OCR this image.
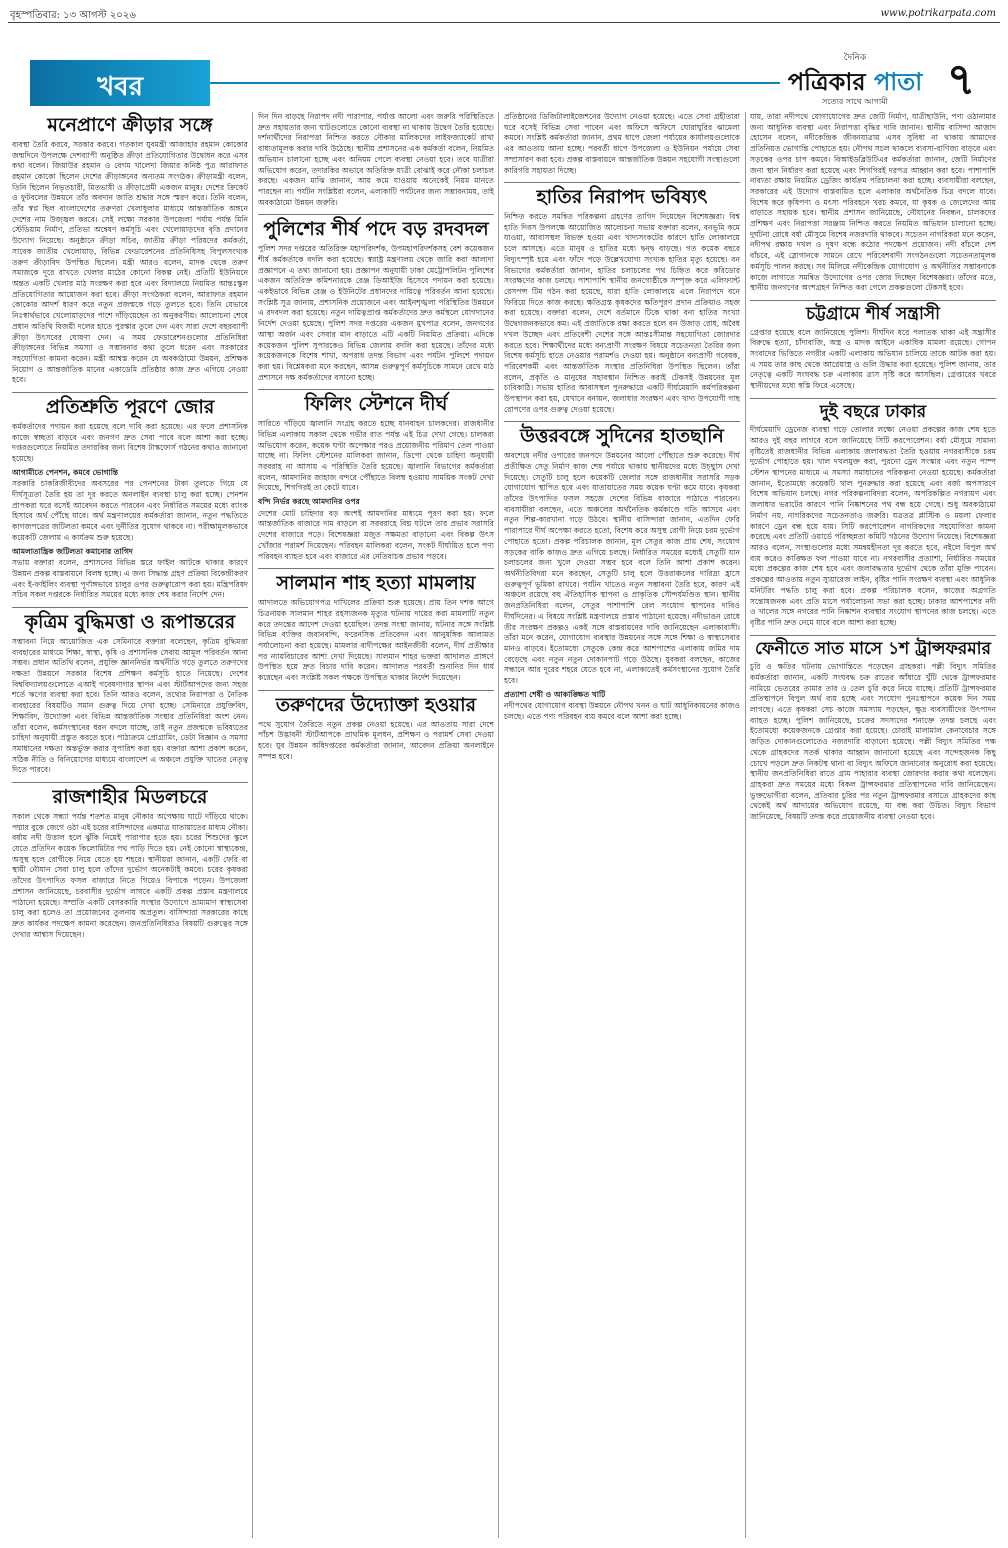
বৃহস্পতিবার: ১৩ আগস্ট ২০২৬	www.potrikarpata.com
খবর
দৈনিক
পত্রিকার পাতা
সত্যের সাথে আগামী	৭
মনেপ্রাণে ক্রীড়ার সঙ্গে

ব্যবস্থা তৈরি করবে, সরকার করবে। গতকাল যুবমন্ত্রী আজাহার রহমান কোকোর জন্মদিনে উপলক্ষে দেশব্যাপী অনুষ্ঠিত ক্রীড়া প্রতিযোগিতার উদ্বোধন করে এসব কথা বলেন। জিয়াউর রহমান ও বেগম খালেদা জিয়ার কনিষ্ঠ পুত্র আরাফাত রহমান কোকো ছিলেন দেশের ক্রীড়াঙ্গনের অন্যতম সংগঠক। ক্রীড়ামন্ত্রী বলেন, তিনি ছিলেন নিভৃতচারী, মিতভাষী ও ক্রীড়াপ্রেমী একজন মানুষ। দেশের ক্রিকেট ও ফুটবলের উন্নয়নে তাঁর অবদান জাতি শ্রদ্ধার সঙ্গে স্মরণ করে। তিনি বলেন, তাঁর স্বপ্ন ছিল বাংলাদেশের তরুণরা খেলাধুলার মাধ্যমে আন্তর্জাতিক অঙ্গনে দেশের নাম উজ্জ্বল করবে। সেই লক্ষ্যে সরকার উপজেলা পর্যায় পর্যন্ত মিনি স্টেডিয়াম নির্মাণ, প্রতিভা অন্বেষণ কর্মসূচি এবং খেলোয়াড়দের বৃত্তি প্রদানের উদ্যোগ নিয়েছে। অনুষ্ঠানে ক্রীড়া সচিব, জাতীয় ক্রীড়া পরিষদের কর্মকর্তা, সাবেক জাতীয় খেলোয়াড়, বিভিন্ন ফেডারেশনের প্রতিনিধিসহ বিপুলসংখ্যক তরুণ ক্রীড়াবিদ উপস্থিত ছিলেন। মন্ত্রী আরও বলেন, মাদক থেকে তরুণ সমাজকে দূরে রাখতে খেলার মাঠের কোনো বিকল্প নেই। প্রতিটি ইউনিয়নে অন্তত একটি খেলার মাঠ সংরক্ষণ করা হবে এবং বিদ্যালয়ে নিয়মিত আন্তঃস্কুল প্রতিযোগিতার আয়োজন করা হবে। ক্রীড়া সংগঠকরা বলেন, আরাফাত রহমান কোকোর আদর্শ ধারণ করে নতুন প্রজন্মকে গড়ে তুলতে হবে। তিনি যেভাবে নিঃস্বার্থভাবে খেলোয়াড়দের পাশে দাঁড়িয়েছেন তা অনুকরণীয়। আলোচনা শেষে প্রধান অতিথি বিজয়ী দলের হাতে পুরস্কার তুলে দেন এবং সারা দেশে বছরব্যাপী ক্রীড়া উৎসবের ঘোষণা দেন। এ সময় ফেডারেশনগুলোর প্রতিনিধিরা ক্রীড়াঙ্গনের বিভিন্ন সমস্যা ও সম্ভাবনার কথা তুলে ধরেন এবং সরকারের সহযোগিতা কামনা করেন। মন্ত্রী আশ্বস্ত করেন যে অবকাঠামো উন্নয়ন, প্রশিক্ষক নিয়োগ ও আন্তর্জাতিক মানের একাডেমি প্রতিষ্ঠার কাজ দ্রুত এগিয়ে নেওয়া হবে।

প্রতিশ্রুতি পূরণে জোর

কর্মকর্তাদের পদায়ন করা হয়েছে বলে দাবি করা হয়েছে। এর ফলে প্রশাসনিক কাজে স্বচ্ছতা বাড়বে এবং জনগণ দ্রুত সেবা পাবে বলে আশা করা হচ্ছে। দপ্তরগুলোতে নিয়মিত তদারকির জন্য বিশেষ টাস্কফোর্স গঠনের কথাও জানানো হয়েছে।

আগামীতে পেনশন, কমবে ভোগান্তি

সরকারি চাকরিজীবীদের অবসরের পর পেনশনের টাকা তুলতে গিয়ে যে দীর্ঘসূত্রতা তৈরি হয় তা দূর করতে অনলাইন ব্যবস্থা চালু করা হচ্ছে। পেনশন প্রাপকরা ঘরে বসেই আবেদন করতে পারবেন এবং নির্ধারিত সময়ের মধ্যে ব্যাংক হিসাবে অর্থ পৌঁছে যাবে। অর্থ মন্ত্রণালয়ের কর্মকর্তারা জানান, নতুন পদ্ধতিতে কাগজপত্রের জটিলতা কমবে এবং দুর্নীতির সুযোগ থাকবে না। পরীক্ষামূলকভাবে কয়েকটি জেলায় এ কার্যক্রম শুরু হয়েছে।

আমলাতান্ত্রিক জটিলতা কমানোর তাগিদ

সভায় বক্তারা বলেন, প্রশাসনের বিভিন্ন স্তরে ফাইল আটকে থাকার কারণে উন্নয়ন প্রকল্প বাস্তবায়নে বিলম্ব হচ্ছে। এ জন্য সিদ্ধান্ত গ্রহণ প্রক্রিয়া বিকেন্দ্রীকরণ এবং ই-ফাইলিং ব্যবস্থা পূর্ণাঙ্গভাবে চালুর ওপর গুরুত্বারোপ করা হয়। মন্ত্রিপরিষদ সচিব সকল দপ্তরকে নির্ধারিত সময়ের মধ্যে কাজ শেষ করার নির্দেশ দেন।

কৃত্রিম বুদ্ধিমত্তা ও রূপান্তরের

সম্ভাবনা নিয়ে আয়োজিত এক সেমিনারে বক্তারা বলেছেন, কৃত্রিম বুদ্ধিমত্তা ব্যবহারের মাধ্যমে শিক্ষা, স্বাস্থ্য, কৃষি ও প্রশাসনিক সেবায় আমূল পরিবর্তন আনা সম্ভব। প্রধান অতিথি বলেন, প্রযুক্তি জ্ঞাননির্ভর অর্থনীতি গড়ে তুলতে তরুণদের দক্ষতা উন্নয়নে সরকার বিশেষ প্রশিক্ষণ কর্মসূচি হাতে নিয়েছে। দেশের বিশ্ববিদ্যালয়গুলোতে এআই গবেষণাগার স্থাপন এবং স্টার্টআপদের জন্য সহজ শর্তে ঋণের ব্যবস্থা করা হবে। তিনি আরও বলেন, তথ্যের নিরাপত্তা ও নৈতিক ব্যবহারের বিষয়টিও সমান গুরুত্ব দিয়ে দেখা হচ্ছে। সেমিনারে প্রযুক্তিবিদ, শিক্ষাবিদ, উদ্যোক্তা এবং বিভিন্ন আন্তর্জাতিক সংস্থার প্রতিনিধিরা অংশ নেন। তাঁরা বলেন, কর্মসংস্থানের ধরন বদলে যাচ্ছে, তাই নতুন প্রজন্মকে ভবিষ্যতের চাহিদা অনুযায়ী প্রস্তুত করতে হবে। পাঠ্যক্রমে প্রোগ্রামিং, ডেটা বিজ্ঞান ও সমস্যা সমাধানের দক্ষতা অন্তর্ভুক্ত করার সুপারিশ করা হয়। বক্তারা আশা প্রকাশ করেন, সঠিক নীতি ও বিনিয়োগের মাধ্যমে বাংলাদেশ এ অঞ্চলে প্রযুক্তি খাতের নেতৃত্ব দিতে পারবে।

রাজশাহীর মিডলচরে

সকাল থেকে সন্ধ্যা পর্যন্ত শতশত মানুষ নৌকার অপেক্ষায় ঘাটে দাঁড়িয়ে থাকে। পদ্মার বুকে জেগে ওঠা এই চরের বাসিন্দাদের একমাত্র যাতায়াতের মাধ্যম নৌকা। বর্ষায় নদী উত্তাল হলে ঝুঁকি নিয়েই পারাপার হতে হয়। চরের শিশুদের স্কুলে যেতে প্রতিদিন কয়েক কিলোমিটার পথ পাড়ি দিতে হয়। নেই কোনো স্বাস্থ্যকেন্দ্র, অসুস্থ হলে রোগীকে নিয়ে যেতে হয় শহরে। স্থানীয়রা জানান, একটি ফেরি বা স্থায়ী নৌযান সেবা চালু হলে তাঁদের দুর্ভোগ অনেকটাই কমবে। চরের কৃষকরা তাঁদের উৎপাদিত ফসল বাজারে নিতে গিয়েও বিপাকে পড়েন। উপজেলা প্রশাসন জানিয়েছে, চরবাসীর দুর্ভোগ লাঘবে একটি প্রকল্প প্রস্তাব মন্ত্রণালয়ে পাঠানো হয়েছে। সম্প্রতি একটি বেসরকারি সংস্থার উদ্যোগে ভ্রাম্যমাণ স্বাস্থ্যসেবা চালু করা হলেও তা প্রয়োজনের তুলনায় অপ্রতুল। বাসিন্দারা সরকারের কাছে দ্রুত কার্যকর পদক্ষেপ কামনা করেছেন। জনপ্রতিনিধিরাও বিষয়টি গুরুত্বের সঙ্গে দেখার আশ্বাস দিয়েছেন।

দিন দিন বাড়ছে নিরাপদ নদী পারাপার, পর্যাপ্ত আলো এবং জরুরি পরিস্থিতিতে দ্রুত সহায়তার জন্য ঘাটগুলোতে কোনো ব্যবস্থা না থাকায় উদ্বেগ তৈরি হয়েছে। দর্শনার্থীদের নিরাপত্তা নিশ্চিত করতে নৌকার মালিকদের লাইফজ্যাকেট রাখা বাধ্যতামূলক করার দাবি উঠেছে। স্থানীয় প্রশাসনের এক কর্মকর্তা বলেন, নিয়মিত অভিযান চালানো হচ্ছে এবং অনিয়ম পেলে ব্যবস্থা নেওয়া হবে। তবে যাত্রীরা অভিযোগ করেন, তদারকির অভাবে অতিরিক্ত যাত্রী বোঝাই করে নৌকা চলাচল করছে। একজন মাঝি জানান, আয় কমে যাওয়ায় অনেকেই নিয়ম মানতে পারছেন না। পর্যটন সংশ্লিষ্টরা বলেন, এলাকাটি পর্যটনের জন্য সম্ভাবনাময়, তাই অবকাঠামো উন্নয়ন জরুরি।

পুলিশের শীর্ষ পদে বড় রদবদল

পুলিশ সদর দপ্তরের অতিরিক্ত মহাপরিদর্শক, উপমহাপরিদর্শকসহ বেশ কয়েকজন শীর্ষ কর্মকর্তাকে বদলি করা হয়েছে। স্বরাষ্ট্র মন্ত্রণালয় থেকে জারি করা আলাদা প্রজ্ঞাপনে এ তথ্য জানানো হয়। প্রজ্ঞাপন অনুযায়ী ঢাকা মেট্রোপলিটন পুলিশের একজন অতিরিক্ত কমিশনারকে রেঞ্জ ডিআইজি হিসেবে পদায়ন করা হয়েছে। একইভাবে বিভিন্ন রেঞ্জ ও ইউনিটের প্রধানদের দায়িত্বে পরিবর্তন আনা হয়েছে। সংশ্লিষ্ট সূত্র জানায়, প্রশাসনিক প্রয়োজনে এবং আইনশৃঙ্খলা পরিস্থিতির উন্নয়নে এ রদবদল করা হয়েছে। নতুন দায়িত্বপ্রাপ্ত কর্মকর্তাদের দ্রুত কর্মস্থলে যোগদানের নির্দেশ দেওয়া হয়েছে। পুলিশ সদর দপ্তরের একজন মুখপাত্র বলেন, জনগণের আস্থা অর্জন এবং সেবার মান বাড়াতে এটি একটি নিয়মিত প্রক্রিয়া। এদিকে কয়েকজন পুলিশ সুপারকেও বিভিন্ন জেলায় বদলি করা হয়েছে। তাঁদের মধ্যে কয়েকজনকে বিশেষ শাখা, অপরাধ তদন্ত বিভাগ এবং পর্যটন পুলিশে পদায়ন করা হয়। বিশ্লেষকরা মনে করছেন, আসন্ন গুরুত্বপূর্ণ কর্মসূচিকে সামনে রেখে মাঠ প্রশাসনে দক্ষ কর্মকর্তাদের বসানো হচ্ছে।

ফিলিং স্টেশনে দীর্ঘ

সারিতে দাঁড়িয়ে জ্বালানি সংগ্রহ করতে হচ্ছে যানবাহন চালকদের। রাজধানীর বিভিন্ন এলাকায় সকাল থেকে গভীর রাত পর্যন্ত এই চিত্র দেখা গেছে। চালকরা অভিযোগ করেন, কয়েক ঘণ্টা অপেক্ষার পরও প্রয়োজনীয় পরিমাণ তেল পাওয়া যাচ্ছে না। ফিলিং স্টেশনের মালিকরা জানান, ডিপো থেকে চাহিদা অনুযায়ী সরবরাহ না আসায় এ পরিস্থিতি তৈরি হয়েছে। জ্বালানি বিভাগের কর্মকর্তারা বলেন, আমদানির জাহাজ বন্দরে পৌঁছাতে বিলম্ব হওয়ায় সাময়িক সংকট দেখা দিয়েছে, শিগগিরই তা কেটে যাবে।

বন্দি নির্ভর করছে আমদানির ওপর

দেশের মোট চাহিদার বড় অংশই আমদানির মাধ্যমে পূরণ করা হয়। ফলে আন্তর্জাতিক বাজারে দাম বাড়লে বা সরবরাহে বিঘ্ন ঘটলে তার প্রভাব সরাসরি দেশের বাজারে পড়ে। বিশেষজ্ঞরা মজুত সক্ষমতা বাড়ানো এবং বিকল্প উৎস খোঁজার পরামর্শ দিয়েছেন। পরিবহন মালিকরা বলেন, সংকট দীর্ঘায়িত হলে পণ্য পরিবহন ব্যাহত হবে এবং বাজারে এর নেতিবাচক প্রভাব পড়বে।

সালমান শাহ হত্যা মামলায়

আদালতে অভিযোগপত্র দাখিলের প্রক্রিয়া শুরু হয়েছে। প্রায় তিন দশক আগে চিত্রনায়ক সালমান শাহর রহস্যজনক মৃত্যুর ঘটনায় দায়ের করা মামলাটি নতুন করে তদন্তের আদেশ দেওয়া হয়েছিল। তদন্ত সংস্থা জানায়, ঘটনার সঙ্গে সংশ্লিষ্ট বিভিন্ন ব্যক্তির জবানবন্দি, ফরেনসিক প্রতিবেদন এবং আনুষঙ্গিক আলামত পর্যালোচনা করা হয়েছে। মামলার বাদীপক্ষের আইনজীবী বলেন, দীর্ঘ প্রতীক্ষার পর ন্যায়বিচারের আশা দেখা দিয়েছে। সালমান শাহর ভক্তরা আদালত প্রাঙ্গণে উপস্থিত হয়ে দ্রুত বিচার দাবি করেন। আদালত পরবর্তী শুনানির দিন ধার্য করেছেন এবং সংশ্লিষ্ট সকল পক্ষকে উপস্থিত থাকার নির্দেশ দিয়েছেন।

তরুণদের উদ্যোক্তা হওয়ার

পথে সুযোগ তৈরিতে নতুন প্রকল্প নেওয়া হয়েছে। এর আওতায় সারা দেশে পাঁচশ উদ্ভাবনী স্টার্টআপকে প্রাথমিক মূলধন, প্রশিক্ষণ ও পরামর্শ সেবা দেওয়া হবে। যুব উন্নয়ন অধিদপ্তরের কর্মকর্তারা জানান, আবেদন প্রক্রিয়া অনলাইনে সম্পন্ন হবে।

প্রতিষ্ঠানের ডিজিটালাইজেশনের উদ্যোগ নেওয়া হয়েছে। এতে সেবা গ্রহীতারা ঘরে বসেই বিভিন্ন সেবা পাবেন এবং অফিসে অফিসে ঘোরাঘুরির ঝামেলা কমবে। সংশ্লিষ্ট কর্মকর্তারা জানান, প্রথম ধাপে জেলা পর্যায়ের কার্যালয়গুলোকে এর আওতায় আনা হচ্ছে। পরবর্তী ধাপে উপজেলা ও ইউনিয়ন পর্যায়ে সেবা সম্প্রসারণ করা হবে। প্রকল্প বাস্তবায়নে আন্তর্জাতিক উন্নয়ন সহযোগী সংস্থাগুলো কারিগরি সহায়তা দিচ্ছে।

হাতির নিরাপদ ভবিষ্যৎ

নিশ্চিত করতে সমন্বিত পরিকল্পনা গ্রহণের তাগিদ দিয়েছেন বিশেষজ্ঞরা। বিশ্ব হাতি দিবস উপলক্ষে আয়োজিত আলোচনা সভায় বক্তারা বলেন, বনভূমি কমে যাওয়া, আবাসস্থল বিভক্ত হওয়া এবং খাদ্যসংকটের কারণে হাতি লোকালয়ে চলে আসছে। এতে মানুষ ও হাতির মধ্যে দ্বন্দ্ব বাড়ছে। গত কয়েক বছরে বিদ্যুৎস্পৃষ্ট হয়ে এবং ফাঁদে পড়ে উল্লেখযোগ্য সংখ্যক হাতির মৃত্যু হয়েছে। বন বিভাগের কর্মকর্তারা জানান, হাতির চলাচলের পথ চিহ্নিত করে করিডোর সংরক্ষণের কাজ চলছে। পাশাপাশি স্থানীয় জনগোষ্ঠীকে সম্পৃক্ত করে এলিফ্যান্ট রেসপন্স টিম গঠন করা হয়েছে, যারা হাতি লোকালয়ে এলে নিরাপদে বনে ফিরিয়ে দিতে কাজ করছে। ক্ষতিগ্রস্ত কৃষকদের ক্ষতিপূরণ প্রদান প্রক্রিয়াও সহজ করা হয়েছে। বক্তারা বলেন, দেশে বর্তমানে টিকে থাকা বন্য হাতির সংখ্যা উদ্বেগজনকভাবে কম। এই প্রজাতিকে রক্ষা করতে হলে বন উজাড় রোধ, অবৈধ দখল উচ্ছেদ এবং প্রতিবেশী দেশের সঙ্গে আন্তঃসীমান্ত সহযোগিতা জোরদার করতে হবে। শিক্ষার্থীদের মধ্যে বন্যপ্রাণী সংরক্ষণ বিষয়ে সচেতনতা তৈরির জন্য বিশেষ কর্মসূচি হাতে নেওয়ার পরামর্শও দেওয়া হয়। অনুষ্ঠানে বন্যপ্রাণী গবেষক, পরিবেশকর্মী এবং আন্তর্জাতিক সংস্থার প্রতিনিধিরা উপস্থিত ছিলেন। তাঁরা বলেন, প্রকৃতি ও মানুষের সহাবস্থান নিশ্চিত করাই টেকসই উন্নয়নের মূল চাবিকাঠি। সভায় হাতির আবাসস্থল পুনরুদ্ধারে একটি দীর্ঘমেয়াদি কর্মপরিকল্পনা উপস্থাপন করা হয়, যেখানে বনায়ন, জলাধার সংরক্ষণ এবং খাদ্য উপযোগী গাছ রোপণের ওপর গুরুত্ব দেওয়া হয়েছে।

উত্তরবঙ্গে সুদিনের হাতছানি

অবশেষে নদীর ওপারের জনপদে উন্নয়নের আলো পৌঁছাতে শুরু করেছে। দীর্ঘ প্রতীক্ষিত সেতু নির্মাণ কাজ শেষ পর্যায়ে থাকায় স্থানীয়দের মধ্যে উচ্ছ্বাস দেখা দিয়েছে। সেতুটি চালু হলে কয়েকটি জেলার সঙ্গে রাজধানীর সরাসরি সড়ক যোগাযোগ স্থাপিত হবে এবং যাতায়াতের সময় কয়েক ঘণ্টা কমে যাবে। কৃষকরা তাঁদের উৎপাদিত ফসল সহজে দেশের বিভিন্ন বাজারে পাঠাতে পারবেন। ব্যবসায়ীরা বলছেন, এতে অঞ্চলের অর্থনৈতিক কর্মকাণ্ডে গতি আসবে এবং নতুন শিল্প-কারখানা গড়ে উঠবে। স্থানীয় বাসিন্দারা জানান, এতদিন ফেরি পারাপারে দীর্ঘ অপেক্ষা করতে হতো, বিশেষ করে অসুস্থ রোগী নিয়ে চরম দুর্ভোগ পোহাতে হতো। প্রকল্প পরিচালক জানান, মূল সেতুর কাজ প্রায় শেষ, সংযোগ সড়কের বাকি কাজও দ্রুত এগিয়ে চলছে। নির্ধারিত সময়ের মধ্যেই সেতুটি যান চলাচলের জন্য খুলে দেওয়া সম্ভব হবে বলে তিনি আশা প্রকাশ করেন। অর্থনীতিবিদরা মনে করছেন, সেতুটি চালু হলে উত্তরাঞ্চলের দারিদ্র্য হ্রাসে গুরুত্বপূর্ণ ভূমিকা রাখবে। পর্যটন খাতেও নতুন সম্ভাবনা তৈরি হবে, কারণ এই অঞ্চলে রয়েছে বহু ঐতিহাসিক স্থাপনা ও প্রাকৃতিক সৌন্দর্যমণ্ডিত স্থান। স্থানীয় জনপ্রতিনিধিরা বলেন, সেতুর পাশাপাশি রেল সংযোগ স্থাপনের দাবিও দীর্ঘদিনের। এ বিষয়ে সংশ্লিষ্ট মন্ত্রণালয়ে প্রস্তাব পাঠানো হয়েছে। নদীভাঙন রোধে তীর সংরক্ষণ প্রকল্পও একই সঙ্গে বাস্তবায়নের দাবি জানিয়েছেন এলাকাবাসী। তাঁরা মনে করেন, যোগাযোগ ব্যবস্থার উন্নয়নের সঙ্গে সঙ্গে শিক্ষা ও স্বাস্থ্যসেবার মানও বাড়বে। ইতোমধ্যে সেতুকে কেন্দ্র করে আশপাশের এলাকায় জমির দাম বেড়েছে এবং নতুন নতুন দোকানপাট গড়ে উঠছে। যুবকরা বলছেন, কাজের সন্ধানে আর দূরের শহরে যেতে হবে না, এলাকাতেই কর্মসংস্থানের সুযোগ তৈরি হবে।

প্রত্যাশা শেষী ও আকাঙ্ক্ষিত খাটি

নদীপথের যোগাযোগ ব্যবস্থা উন্নয়নে নৌপথ খনন ও ঘাট আধুনিকায়নের কাজও চলছে। এতে পণ্য পরিবহন ব্যয় কমবে বলে আশা করা হচ্ছে।

যায়, তারা নদীপথে যোগাযোগের দ্রুত জেটি নির্মাণ, যাত্রীছাউনি, পণ্য ওঠানামার জন্য আধুনিক ব্যবস্থা এবং নিরাপত্তা বৃদ্ধির দাবি জানান। স্থানীয় বাসিন্দা আজাদ হোসেন বলেন, নদীকেন্দ্রিক জীবনযাত্রায় এসব সুবিধা না থাকায় আমাদের প্রতিনিয়ত ভোগান্তি পোহাতে হয়। নৌপথ সচল থাকলে ব্যবসা-বাণিজ্য বাড়বে এবং সড়কের ওপর চাপ কমবে। বিআইডব্লিউটিএর কর্মকর্তারা জানান, জেটি নির্মাণের জন্য স্থান নির্ধারণ করা হয়েছে এবং শিগগিরই দরপত্র আহ্বান করা হবে। পাশাপাশি নাব্যতা রক্ষায় নিয়মিত ড্রেজিং কার্যক্রম পরিচালনা করা হচ্ছে। ব্যবসায়ীরা বলছেন, সরকারের এই উদ্যোগ বাস্তবায়িত হলে এলাকার অর্থনৈতিক চিত্র বদলে যাবে। বিশেষ করে কৃষিপণ্য ও মৎস্য পরিবহনে খরচ কমবে, যা কৃষক ও জেলেদের আয় বাড়াতে সহায়ক হবে। স্থানীয় প্রশাসন জানিয়েছে, নৌযানের নিবন্ধন, চালকদের প্রশিক্ষণ এবং নিরাপত্তা সরঞ্জাম নিশ্চিত করতে নিয়মিত অভিযান চালানো হচ্ছে। দুর্ঘটনা রোধে বর্ষা মৌসুমে বিশেষ নজরদারি থাকবে। সচেতন নাগরিকরা মনে করেন, নদীপথ রক্ষায় দখল ও দূষণ বন্ধে কঠোর পদক্ষেপ প্রয়োজন। নদী বাঁচলে দেশ বাঁচবে, এই স্লোগানকে সামনে রেখে পরিবেশবাদী সংগঠনগুলো সচেতনতামূলক কর্মসূচি পালন করছে। সব মিলিয়ে নদীকেন্দ্রিক যোগাযোগ ও অর্থনীতির সম্ভাবনাকে কাজে লাগাতে সমন্বিত উদ্যোগের ওপর জোর দিচ্ছেন বিশেষজ্ঞরা। তাঁদের মতে, স্থানীয় জনগণের অংশগ্রহণ নিশ্চিত করা গেলে প্রকল্পগুলো টেকসই হবে।

চট্টগ্রামে শীর্ষ সন্ত্রাসী

গ্রেপ্তার হয়েছে বলে জানিয়েছে পুলিশ। দীর্ঘদিন ধরে পলাতক থাকা এই সন্ত্রাসীর বিরুদ্ধে হত্যা, চাঁদাবাজি, অস্ত্র ও মাদক আইনে একাধিক মামলা রয়েছে। গোপন সংবাদের ভিত্তিতে নগরীর একটি এলাকায় অভিযান চালিয়ে তাকে আটক করা হয়। এ সময় তার কাছ থেকে আগ্নেয়াস্ত্র ও গুলি উদ্ধার করা হয়েছে। পুলিশ জানায়, তার নেতৃত্বে একটি সংঘবদ্ধ চক্র এলাকায় ত্রাস সৃষ্টি করে আসছিল। গ্রেপ্তারের খবরে স্থানীয়দের মধ্যে স্বস্তি ফিরে এসেছে।

দুই বছরে ঢাকার

দীর্ঘমেয়াদি ড্রেনেজ ব্যবস্থা গড়ে তোলার লক্ষ্যে নেওয়া প্রকল্পের কাজ শেষ হতে আরও দুই বছর লাগবে বলে জানিয়েছে সিটি করপোরেশন। বর্ষা মৌসুমে সামান্য বৃষ্টিতেই রাজধানীর বিভিন্ন এলাকায় জলাবদ্ধতা তৈরি হওয়ায় নগরবাসীকে চরম দুর্ভোগ পোহাতে হয়। খাল দখলমুক্ত করা, পুরনো ড্রেন সংস্কার এবং নতুন পাম্প স্টেশন স্থাপনের মাধ্যমে এ সমস্যা সমাধানের পরিকল্পনা নেওয়া হয়েছে। কর্মকর্তারা জানান, ইতোমধ্যে কয়েকটি খাল পুনরুদ্ধার করা হয়েছে এবং বর্জ্য অপসারণে বিশেষ অভিযান চলছে। নগর পরিকল্পনাবিদরা বলেন, অপরিকল্পিত নগরায়ণ এবং জলাধার ভরাটের কারণে পানি নিষ্কাশনের পথ বন্ধ হয়ে গেছে। শুধু অবকাঠামো নির্মাণ নয়, নাগরিকদের সচেতনতাও জরুরি। যত্রতত্র প্লাস্টিক ও ময়লা ফেলার কারণে ড্রেন বন্ধ হয়ে যায়। সিটি করপোরেশন নাগরিকদের সহযোগিতা কামনা করেছে এবং প্রতিটি ওয়ার্ডে পরিচ্ছন্নতা কমিটি গঠনের উদ্যোগ নিয়েছে। বিশেষজ্ঞরা আরও বলেন, সংস্থাগুলোর মধ্যে সমন্বয়হীনতা দূর করতে হবে, নইলে বিপুল অর্থ ব্যয় করেও কাঙ্ক্ষিত ফল পাওয়া যাবে না। নগরবাসীর প্রত্যাশা, নির্ধারিত সময়ের মধ্যে প্রকল্পের কাজ শেষ হবে এবং জলাবদ্ধতার দুর্ভোগ থেকে তাঁরা মুক্তি পাবেন। প্রকল্পের আওতায় নতুন স্যুয়ারেজ লাইন, বৃষ্টির পানি সংরক্ষণ ব্যবস্থা এবং আধুনিক মনিটরিং পদ্ধতি চালু করা হবে। প্রকল্প পরিচালক বলেন, কাজের অগ্রগতি সন্তোষজনক এবং প্রতি মাসে পর্যালোচনা সভা করা হচ্ছে। ঢাকার আশপাশের নদী ও খালের সঙ্গে নগরের পানি নিষ্কাশন ব্যবস্থার সংযোগ স্থাপনের কাজ চলছে। এতে বৃষ্টির পানি দ্রুত নেমে যাবে বলে আশা করা হচ্ছে।

ফেনীতে সাত মাসে ১শ ট্রান্সফরমার

চুরি ও ক্ষতির ঘটনায় ভোগান্তিতে পড়েছেন গ্রাহকরা। পল্লী বিদ্যুৎ সমিতির কর্মকর্তারা জানান, একটি সংঘবদ্ধ চক্র রাতের আঁধারে খুঁটি থেকে ট্রান্সফরমার নামিয়ে ভেতরের তামার তার ও তেল চুরি করে নিয়ে যাচ্ছে। প্রতিটি ট্রান্সফরমার প্রতিস্থাপনে বিপুল অর্থ ব্যয় হচ্ছে এবং সংযোগ পুনঃস্থাপনে কয়েক দিন সময় লাগছে। এতে কৃষকরা সেচ কাজে সমস্যায় পড়ছেন, ক্ষুদ্র ব্যবসায়ীদের উৎপাদন ব্যাহত হচ্ছে। পুলিশ জানিয়েছে, চক্রের সদস্যদের শনাক্তে তদন্ত চলছে এবং ইতোমধ্যে কয়েকজনকে গ্রেপ্তার করা হয়েছে। চোরাই মালামাল কেনাবেচার সঙ্গে জড়িত দোকানগুলোতেও নজরদারি বাড়ানো হয়েছে। পল্লী বিদ্যুৎ সমিতির পক্ষ থেকে গ্রাহকদের সতর্ক থাকার আহ্বান জানানো হয়েছে এবং সন্দেহজনক কিছু চোখে পড়লে দ্রুত নিকটস্থ থানা বা বিদ্যুৎ অফিসে জানানোর অনুরোধ করা হয়েছে। স্থানীয় জনপ্রতিনিধিরা রাতে গ্রাম পাহারার ব্যবস্থা জোরদার করার কথা বলেছেন। গ্রাহকরা দ্রুত সময়ের মধ্যে বিকল ট্রান্সফরমার প্রতিস্থাপনের দাবি জানিয়েছেন। ভুক্তভোগীরা বলেন, প্রতিবার চুরির পর নতুন ট্রান্সফরমার বসাতে গ্রাহকদের কাছ থেকেই অর্থ আদায়ের অভিযোগ রয়েছে, যা বন্ধ করা উচিত। বিদ্যুৎ বিভাগ জানিয়েছে, বিষয়টি তদন্ত করে প্রয়োজনীয় ব্যবস্থা নেওয়া হবে।
